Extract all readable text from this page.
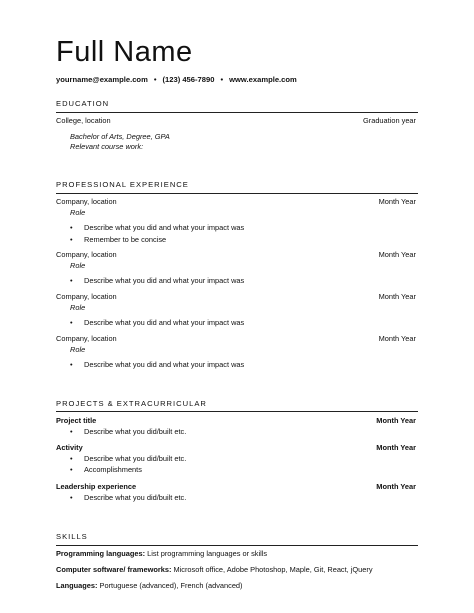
Full Name
yourname@example.com • (123) 456-7890 • www.example.com
EDUCATION
College, location	Graduation year
Bachelor of Arts, Degree, GPA
Relevant course work:
PROFESSIONAL EXPERIENCE
Company, location	Month Year
Role
• Describe what you did and what your impact was
• Remember to be concise
Company, location	Month Year
Role
• Describe what you did and what your impact was
Company, location	Month Year
Role
• Describe what you did and what your impact was
Company, location	Month Year
Role
• Describe what you did and what your impact was
PROJECTS & EXTRACURRICULAR
Project title	Month Year
• Describe what you did/built etc.
Activity	Month Year
• Describe what you did/built etc.
• Accomplishments
Leadership experience	Month Year
• Describe what you did/built etc.
SKILLS
Programming languages: List programming languages or skills
Computer software/ frameworks: Microsoft office, Adobe Photoshop, Maple, Git, React, jQuery
Languages: Portuguese (advanced), French (advanced)
